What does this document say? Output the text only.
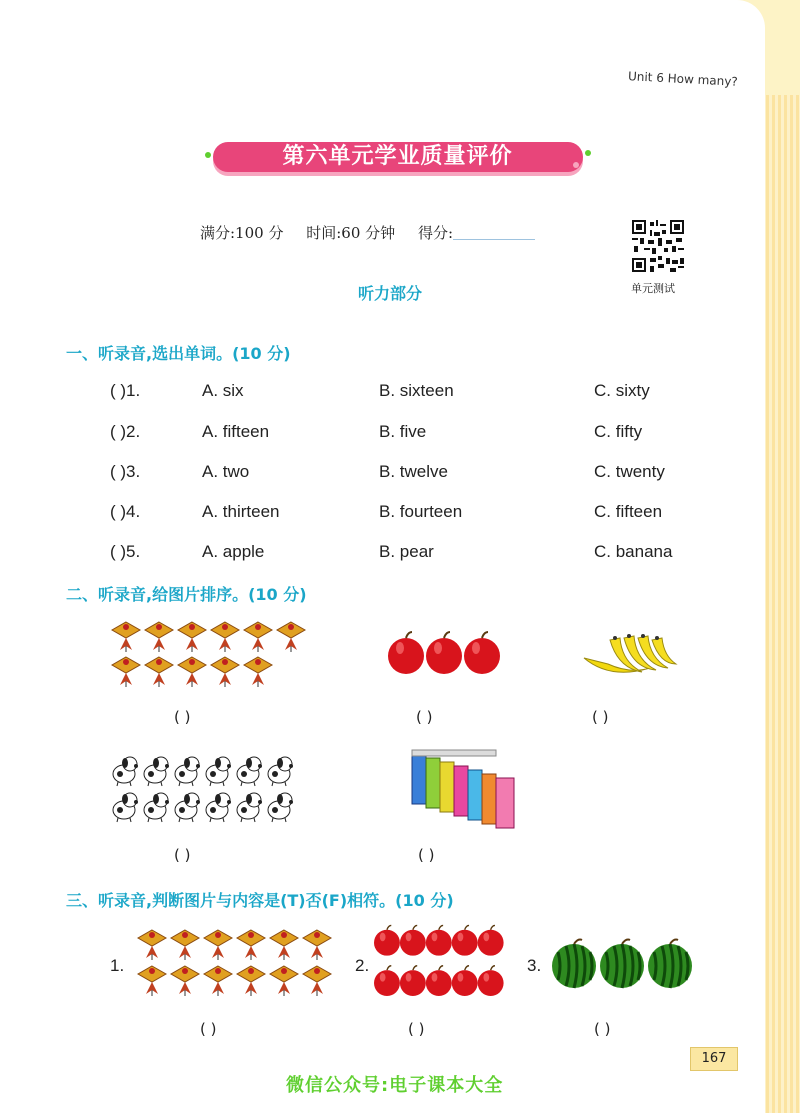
Unit 6 How many?
第六单元学业质量评价
满分:100 分 时间:60 分钟 得分:
单元测试
听力部分
一、听录音,选出单词。(10 分)
( )1.	A. six	B. sixteen	C. sixty
( )2.	A. fifteen	B. five	C. fifty
( )3.	A. two	B. twelve	C. twenty
( )4.	A. thirteen	B. fourteen	C. fifteen
( )5.	A. apple	B. pear	C. banana
二、听录音,给图片排序。(10 分)
( )	( )	( )
( )	( )
三、听录音,判断图片与内容是(T)否(F)相符。(10 分)
1.	2.	3.
( )	( )	( )
167
微信公众号:电子课本大全
